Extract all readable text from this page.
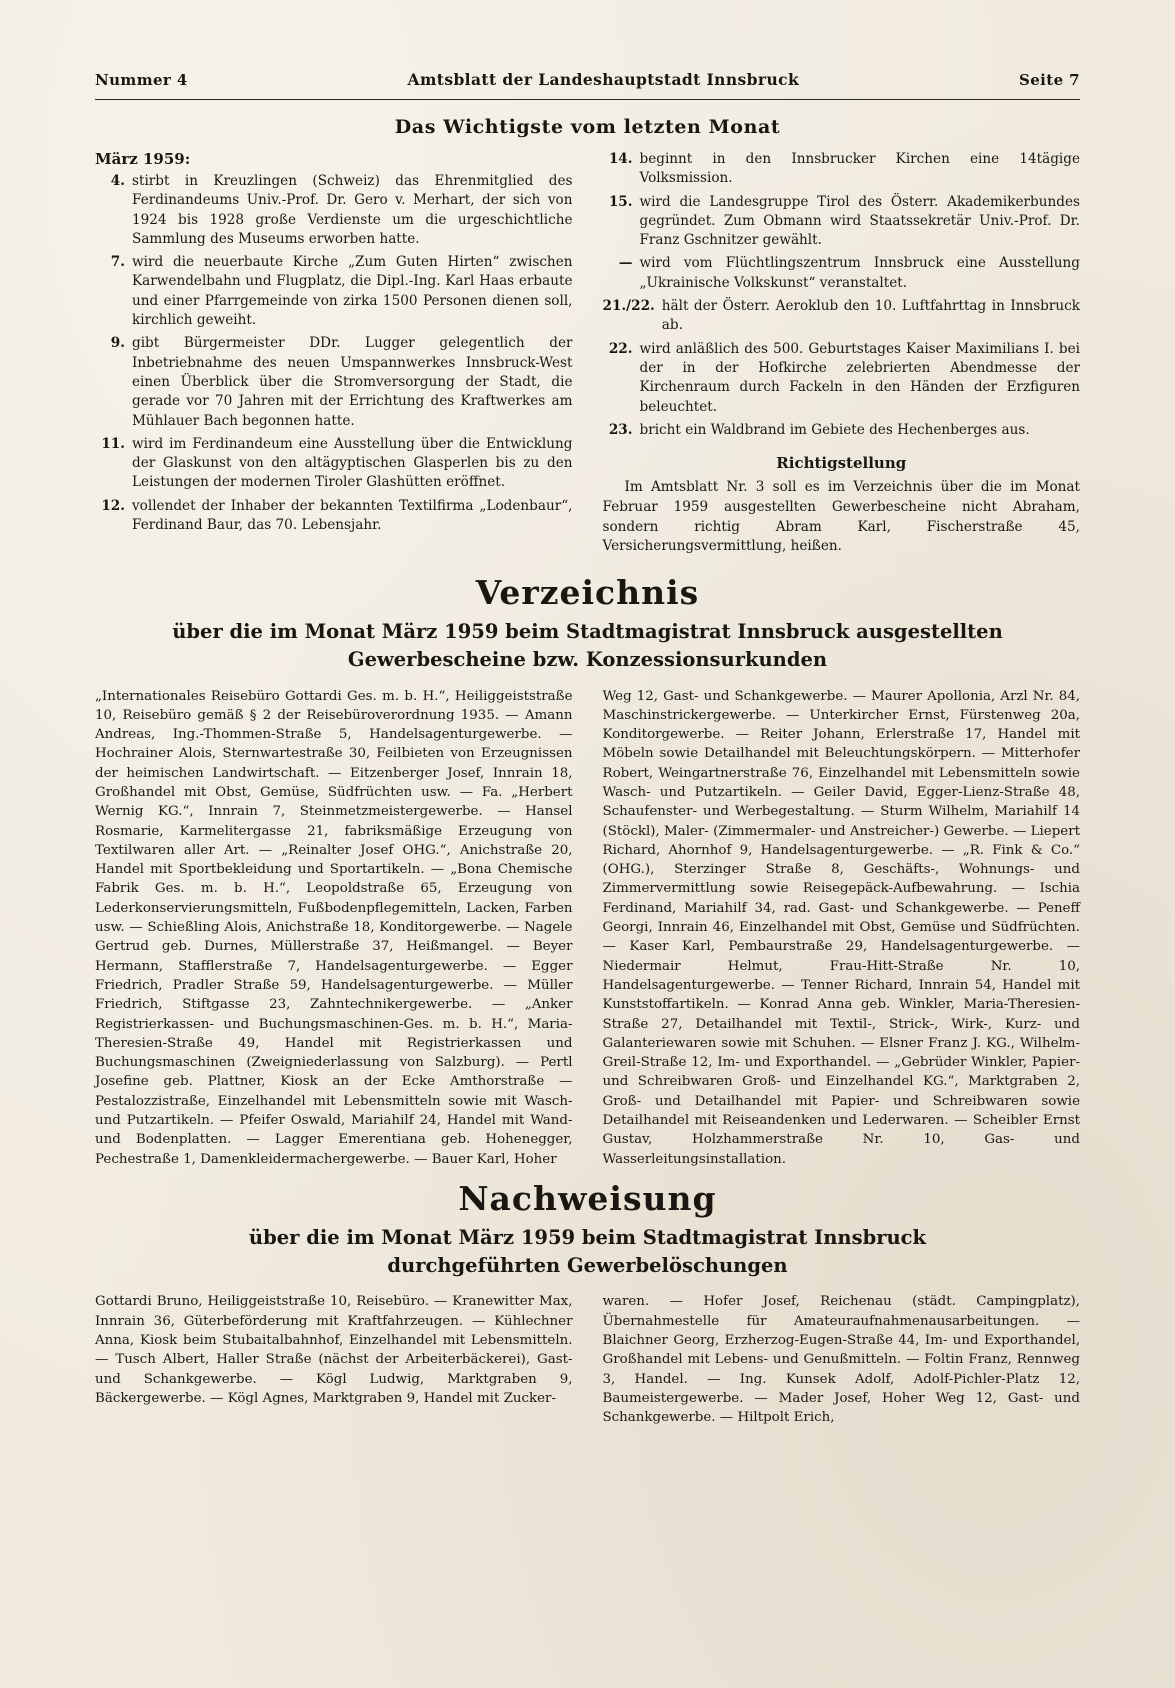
Nummer 4	Amtsblatt der Landeshauptstadt Innsbruck	Seite 7
Das Wichtigste vom letzten Monat
März 1959:
4. stirbt in Kreuzlingen (Schweiz) das Ehrenmitglied des Ferdinandeums Univ.-Prof. Dr. Gero v. Merhart, der sich von 1924 bis 1928 große Verdienste um die urgeschichtliche Sammlung des Museums erworben hatte.
7. wird die neuerbaute Kirche „Zum Guten Hirten“ zwischen Karwendelbahn und Flugplatz, die Dipl.-Ing. Karl Haas erbaute und einer Pfarrgemeinde von zirka 1500 Personen dienen soll, kirchlich geweiht.
9. gibt Bürgermeister DDr. Lugger gelegentlich der Inbetriebnahme des neuen Umspannwerkes Innsbruck-West einen Überblick über die Stromversorgung der Stadt, die gerade vor 70 Jahren mit der Errichtung des Kraftwerkes am Mühlauer Bach begonnen hatte.
11. wird im Ferdinandeum eine Ausstellung über die Entwicklung der Glaskunst von den altägyptischen Glasperlen bis zu den Leistungen der modernen Tiroler Glashütten eröffnet.
12. vollendet der Inhaber der bekannten Textilfirma „Lodenbaur“, Ferdinand Baur, das 70. Lebensjahr.
14. beginnt in den Innsbrucker Kirchen eine 14tägige Volksmission.
15. wird die Landesgruppe Tirol des Österr. Akademikerbundes gegründet. Zum Obmann wird Staatssekretär Univ.-Prof. Dr. Franz Gschnitzer gewählt.
— wird vom Flüchtlingszentrum Innsbruck eine Ausstellung „Ukrainische Volkskunst“ veranstaltet.
21./22. hält der Österr. Aeroklub den 10. Luftfahrttag in Innsbruck ab.
22. wird anläßlich des 500. Geburtstages Kaiser Maximilians I. bei der in der Hofkirche zelebrierten Abendmesse der Kirchenraum durch Fackeln in den Händen der Erzfiguren beleuchtet.
23. bricht ein Waldbrand im Gebiete des Hechenberges aus.
Richtigstellung

Im Amtsblatt Nr. 3 soll es im Verzeichnis über die im Monat Februar 1959 ausgestellten Gewerbescheine nicht Abraham, sondern richtig Abram Karl, Fischerstraße 45, Versicherungsvermittlung, heißen.

Verzeichnis
über die im Monat März 1959 beim Stadtmagistrat Innsbruck ausgestellten
Gewerbescheine bzw. Konzessionsurkunden

„Internationales Reisebüro Gottardi Ges. m. b. H.“, Heiliggeiststraße 10, Reisebüro gemäß § 2 der Reisebüroverordnung 1935. — Amann Andreas, Ing.-Thommen-Straße 5, Handelsagenturgewerbe. — Hochrainer Alois, Sternwartestraße 30, Feilbieten von Erzeugnissen der heimischen Landwirtschaft. — Eitzenberger Josef, Innrain 18, Großhandel mit Obst, Gemüse, Südfrüchten usw. — Fa. „Herbert Wernig KG.“, Innrain 7, Steinmetzmeistergewerbe. — Hansel Rosmarie, Karmelitergasse 21, fabriksmäßige Erzeugung von Textilwaren aller Art. — „Reinalter Josef OHG.“, Anichstraße 20, Handel mit Sportbekleidung und Sportartikeln. — „Bona Chemische Fabrik Ges. m. b. H.“, Leopoldstraße 65, Erzeugung von Lederkonservierungsmitteln, Fußbodenpflegemitteln, Lacken, Farben usw. — Schießling Alois, Anichstraße 18, Konditorgewerbe. — Nagele Gertrud geb. Durnes, Müllerstraße 37, Heißmangel. — Beyer Hermann, Stafflerstraße 7, Handelsagenturgewerbe. — Egger Friedrich, Pradler Straße 59, Handelsagenturgewerbe. — Müller Friedrich, Stiftgasse 23, Zahntechnikergewerbe. — „Anker Registrierkassen- und Buchungsmaschinen-Ges. m. b. H.“, Maria-Theresien-Straße 49, Handel mit Registrierkassen und Buchungsmaschinen (Zweigniederlassung von Salzburg). — Pertl Josefine geb. Plattner, Kiosk an der Ecke Amthorstraße — Pestalozzistraße, Einzelhandel mit Lebensmitteln sowie mit Wasch- und Putzartikeln. — Pfeifer Oswald, Mariahilf 24, Handel mit Wand- und Bodenplatten. — Lagger Emerentiana geb. Hohenegger, Pechestraße 1, Damenkleidermachergewerbe. — Bauer Karl, Hoher

Weg 12, Gast- und Schankgewerbe. — Maurer Apollonia, Arzl Nr. 84, Maschinstrickergewerbe. — Unterkircher Ernst, Fürstenweg 20a, Konditorgewerbe. — Reiter Johann, Erlerstraße 17, Handel mit Möbeln sowie Detailhandel mit Beleuchtungskörpern. — Mitterhofer Robert, Weingartnerstraße 76, Einzelhandel mit Lebensmitteln sowie Wasch- und Putzartikeln. — Geiler David, Egger-Lienz-Straße 48, Schaufenster- und Werbegestaltung. — Sturm Wilhelm, Mariahilf 14 (Stöckl), Maler- (Zimmermaler- und Anstreicher-) Gewerbe. — Liepert Richard, Ahornhof 9, Handelsagenturgewerbe. — „R. Fink & Co.“ (OHG.), Sterzinger Straße 8, Geschäfts-, Wohnungs- und Zimmervermittlung sowie Reisegepäck-Aufbewahrung. — Ischia Ferdinand, Mariahilf 34, rad. Gast- und Schankgewerbe. — Peneff Georgi, Innrain 46, Einzelhandel mit Obst, Gemüse und Südfrüchten. — Kaser Karl, Pembaurstraße 29, Handelsagenturgewerbe. — Niedermair Helmut, Frau-Hitt-Straße Nr. 10, Handelsagenturgewerbe. — Tenner Richard, Innrain 54, Handel mit Kunststoffartikeln. — Konrad Anna geb. Winkler, Maria-Theresien-Straße 27, Detailhandel mit Textil-, Strick-, Wirk-, Kurz- und Galanteriewaren sowie mit Schuhen. — Elsner Franz J. KG., Wilhelm-Greil-Straße 12, Im- und Exporthandel. — „Gebrüder Winkler, Papier- und Schreibwaren Groß- und Einzelhandel KG.“, Marktgraben 2, Groß- und Detailhandel mit Papier- und Schreibwaren sowie Detailhandel mit Reiseandenken und Lederwaren. — Scheibler Ernst Gustav, Holzhammerstraße Nr. 10, Gas- und Wasserleitungsinstallation.

Nachweisung
über die im Monat März 1959 beim Stadtmagistrat Innsbruck
durchgeführten Gewerbelöschungen

Gottardi Bruno, Heiliggeiststraße 10, Reisebüro. — Kranewitter Max, Innrain 36, Güterbeförderung mit Kraftfahrzeugen. — Kühlechner Anna, Kiosk beim Stubaitalbahnhof, Einzelhandel mit Lebensmitteln. — Tusch Albert, Haller Straße (nächst der Arbeiterbäckerei), Gast- und Schankgewerbe. — Kögl Ludwig, Marktgraben 9, Bäckergewerbe. — Kögl Agnes, Marktgraben 9, Handel mit Zucker-

waren. — Hofer Josef, Reichenau (städt. Campingplatz), Übernahmestelle für Amateuraufnahmenausarbeitungen. — Blaichner Georg, Erzherzog-Eugen-Straße 44, Im- und Exporthandel, Großhandel mit Lebens- und Genußmitteln. — Foltin Franz, Rennweg 3, Handel. — Ing. Kunsek Adolf, Adolf-Pichler-Platz 12, Baumeistergewerbe. — Mader Josef, Hoher Weg 12, Gast- und Schankgewerbe. — Hiltpolt Erich,
